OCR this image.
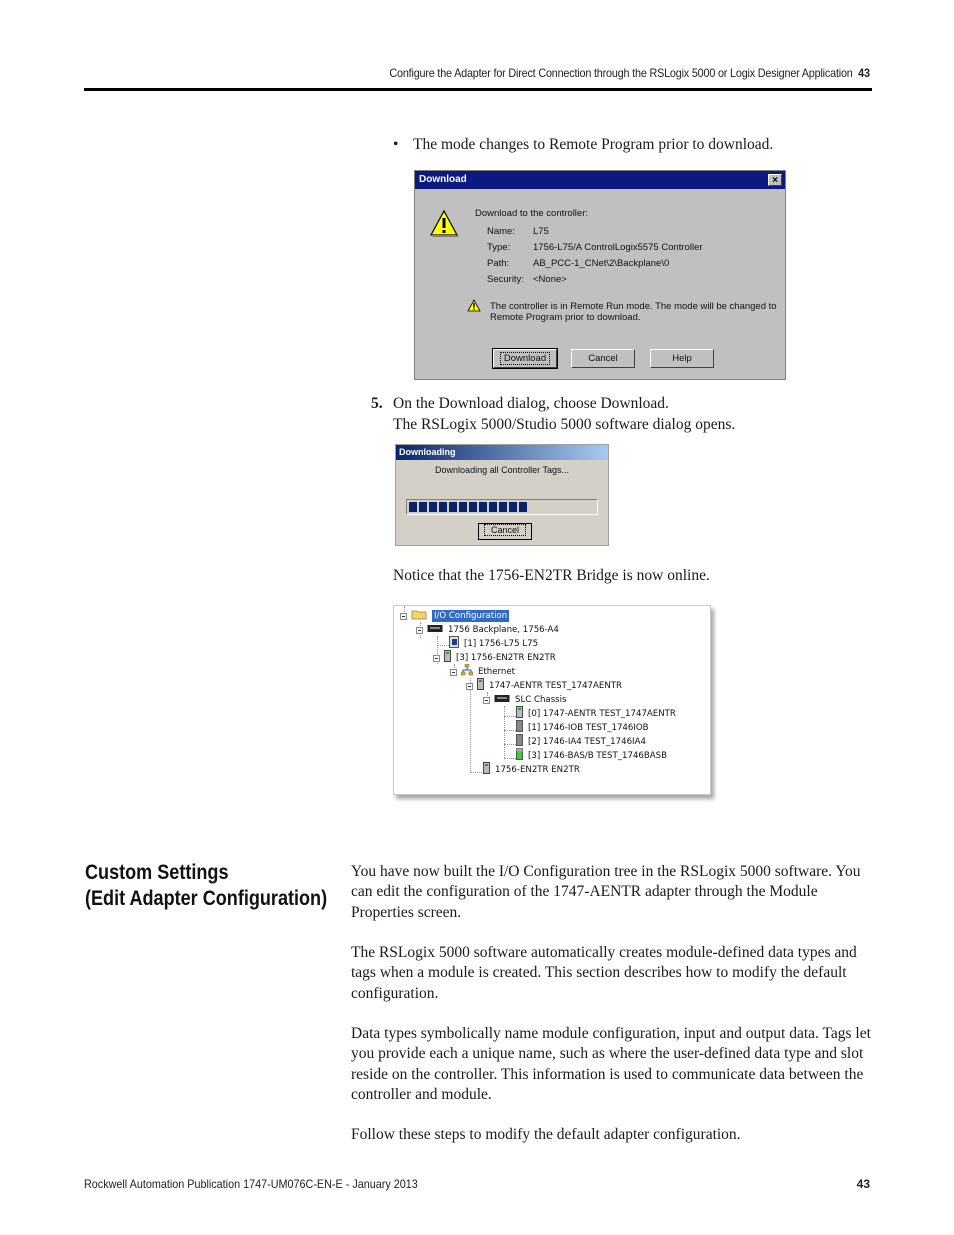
Configure the Adapter for Direct Connection through the RSLogix 5000 or Logix Designer Application 43
• The mode changes to Remote Program prior to download.
Download	×
Download to the controller:
Name: L75
Type: 1756-L75/A ControlLogix5575 Controller
Path:	AB_PCC-1_CNet\2\Backplane\0
Security: <None>
The controller is in Remote Run mode. The mode will be changed to
Remote Program prior to download.
Download	Cancel	Help
5. On the Download dialog, choose Download.
The RSLogix 5000/Studio 5000 software dialog opens.
Downloading
Downloading all Controller Tags...
Cancel
Notice that the 1756-EN2TR Bridge is now online.
I/O Configuration
1756 Backplane, 1756-A4
[1] 1756-L75 L75
[3] 1756-EN2TR EN2TR
Ethernet
1747-AENTR TEST_1747AENTR
SLC Chassis
[0] 1747-AENTR TEST_1747AENTR
[1] 1746-IOB TEST_1746IOB
[2] 1746-IA4 TEST_1746IA4
[3] 1746-BAS/B TEST_1746BASB
1756-EN2TR EN2TR
Custom Settings
(Edit Adapter Configuration)
You have now built the I/O Configuration tree in the RSLogix 5000 software. You can edit the configuration of the 1747-AENTR adapter through the Module Properties screen.
The RSLogix 5000 software automatically creates module-defined data types and tags when a module is created. This section describes how to modify the default configuration.
Data types symbolically name module configuration, input and output data. Tags let you provide each a unique name, such as where the user-defined data type and slot reside on the controller. This information is used to communicate data between the controller and module.
Follow these steps to modify the default adapter configuration.
Rockwell Automation Publication 1747-UM076C-EN-E - January 2013	43
